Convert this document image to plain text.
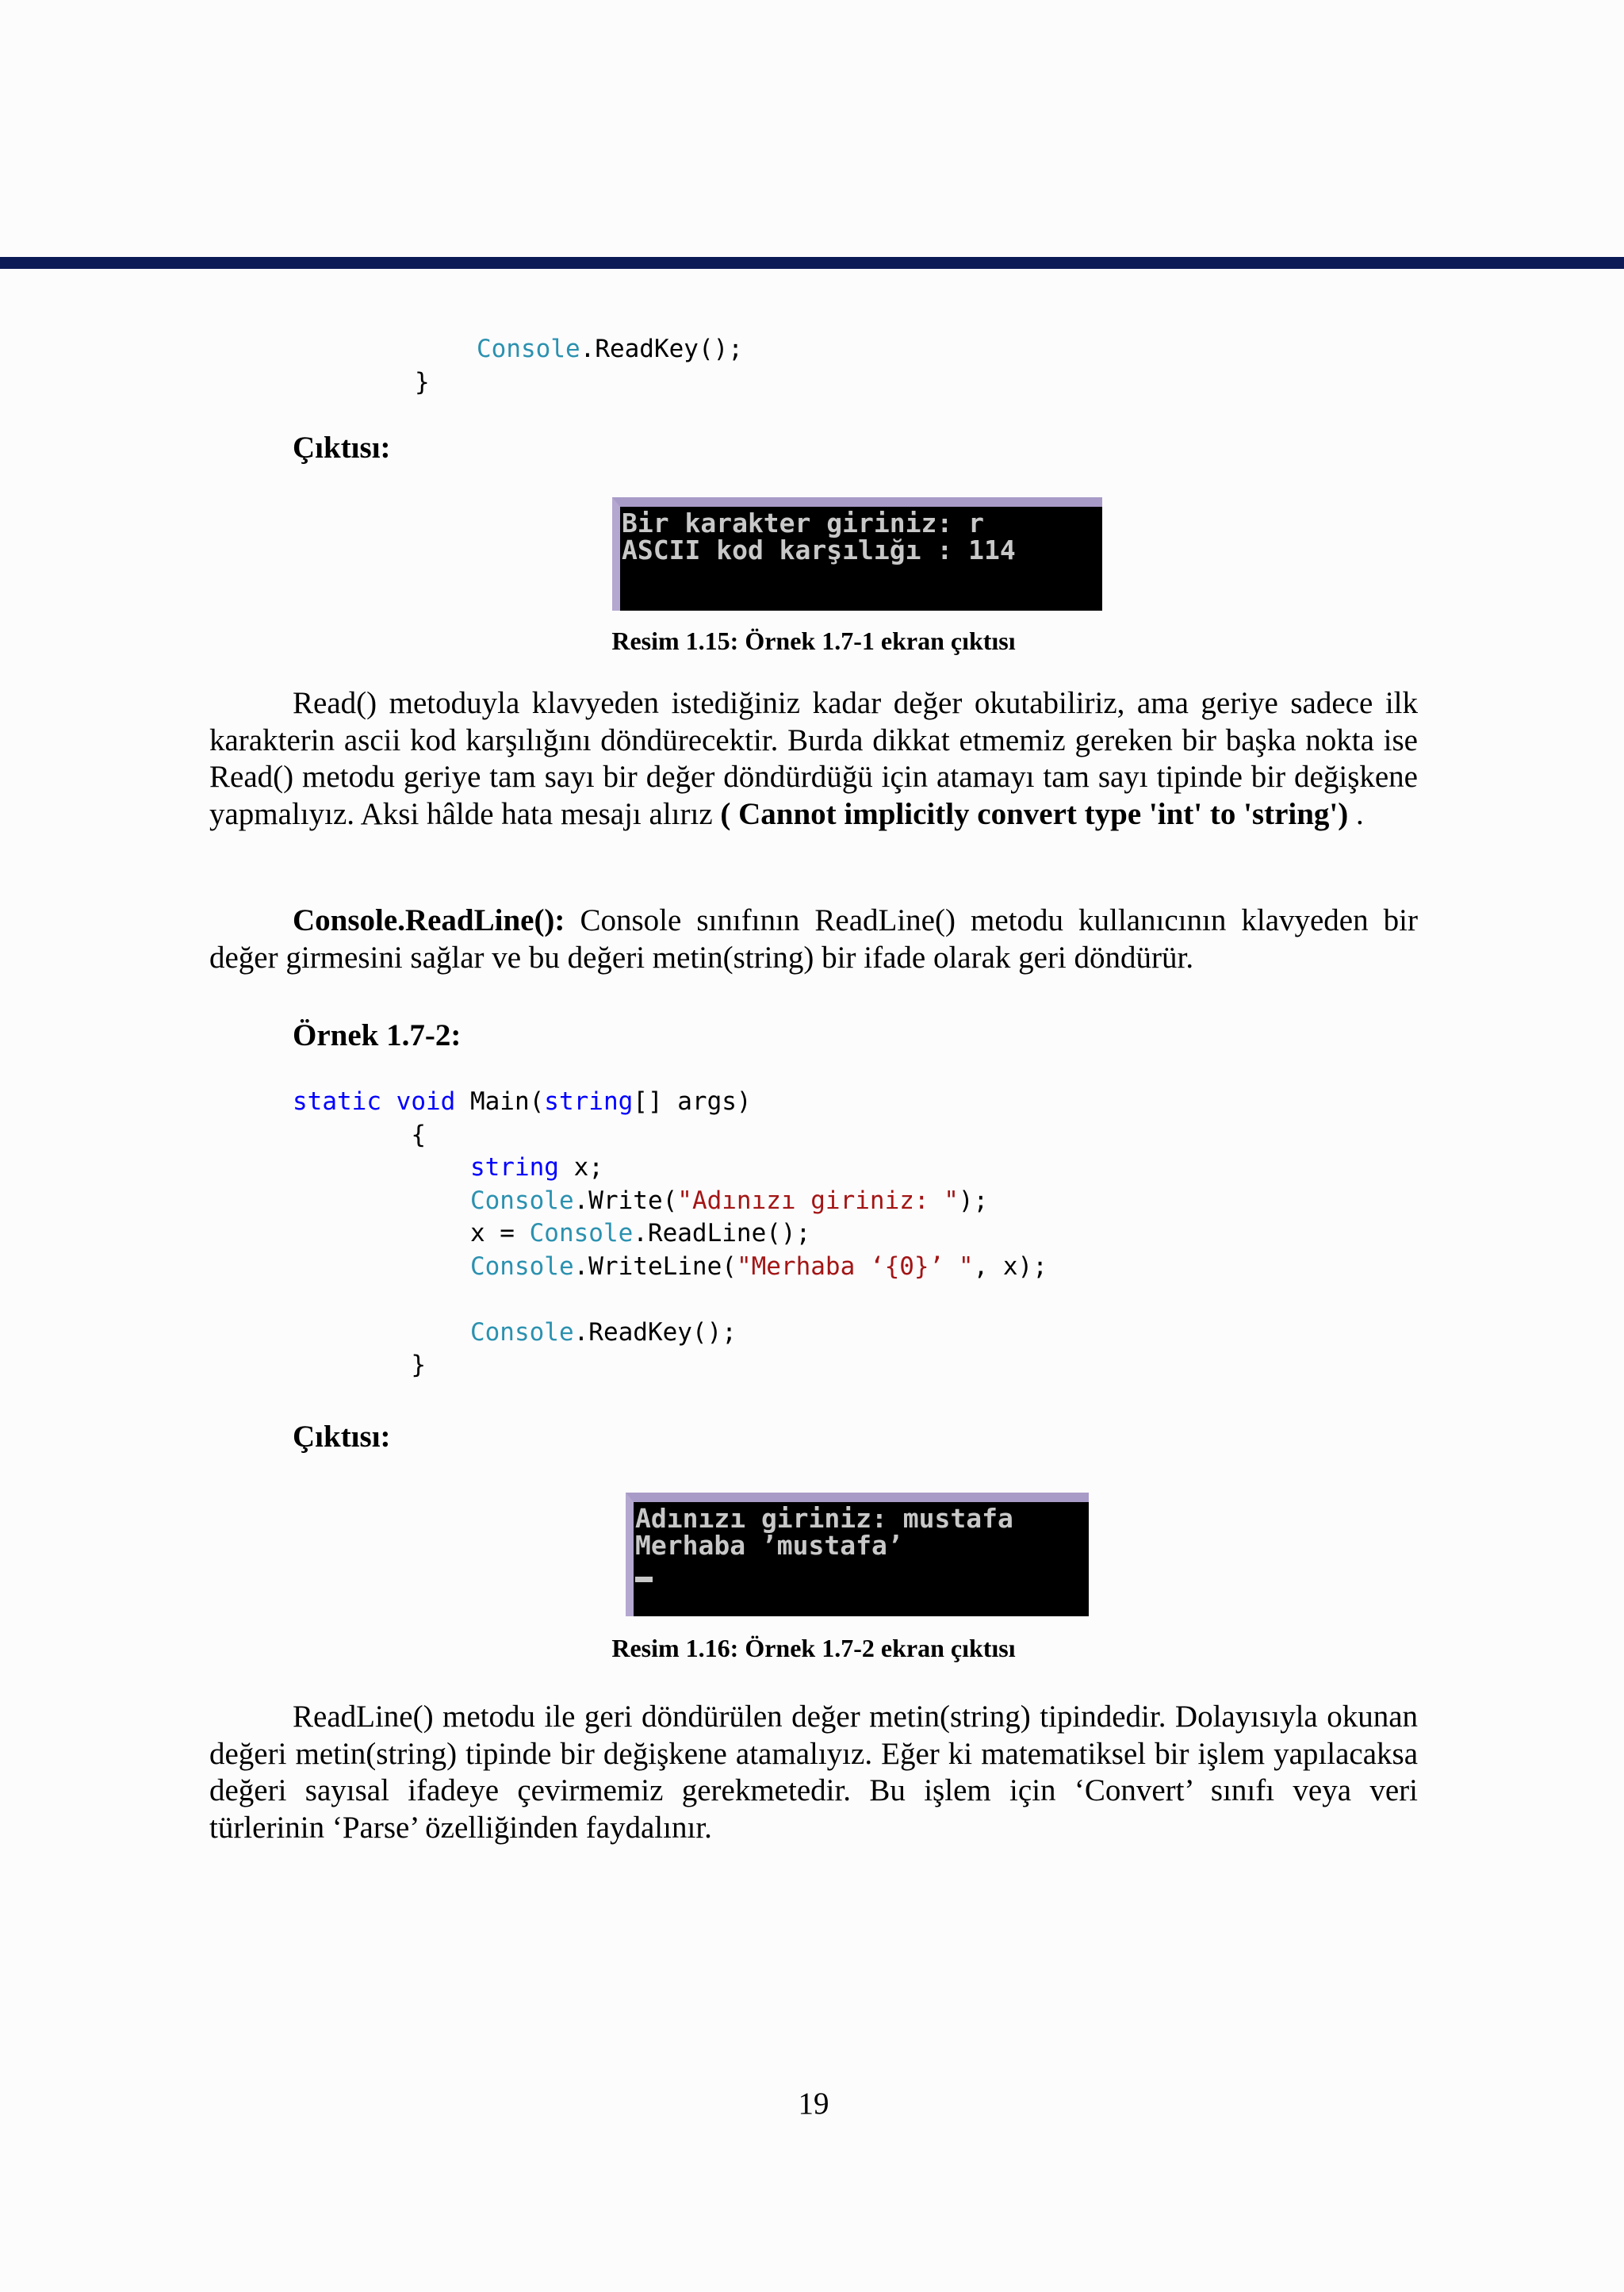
Console.ReadKey();
}
Çıktısı:
Bir karakter giriniz: r
ASCII kod karşılığı : 114
Resim 1.15: Örnek 1.7-1 ekran çıktısı
Read() metoduyla klavyeden istediğiniz kadar değer okutabiliriz, ama geriye sadece ilk karakterin ascii kod karşılığını döndürecektir. Burda dikkat etmemiz gereken bir başka nokta ise Read() metodu geriye tam sayı bir değer döndürdüğü için atamayı tam sayı tipinde bir değişkene yapmalıyız. Aksi hâlde hata mesajı alırız ( Cannot implicitly convert type 'int' to 'string') .
Console.ReadLine(): Console sınıfının ReadLine() metodu kullanıcının klavyeden bir değer girmesini sağlar ve bu değeri metin(string) bir ifade olarak geri döndürür.
Örnek 1.7-2:
static void Main(string[] args)
{
string x;
Console.Write("Adınızı giriniz: ");
x = Console.ReadLine();
Console.WriteLine("Merhaba ‘{0}’ ", x);

Console.ReadKey();
}
Çıktısı:
Adınızı giriniz: mustafa
Merhaba ’mustafa’
Resim 1.16: Örnek 1.7-2 ekran çıktısı
ReadLine() metodu ile geri döndürülen değer metin(string) tipindedir. Dolayısıyla okunan değeri metin(string) tipinde bir değişkene atamalıyız. Eğer ki matematiksel bir işlem yapılacaksa değeri sayısal ifadeye çevirmemiz gerekmetedir. Bu işlem için ‘Convert’ sınıfı veya veri türlerinin ‘Parse’ özelliğinden faydalınır.
19
